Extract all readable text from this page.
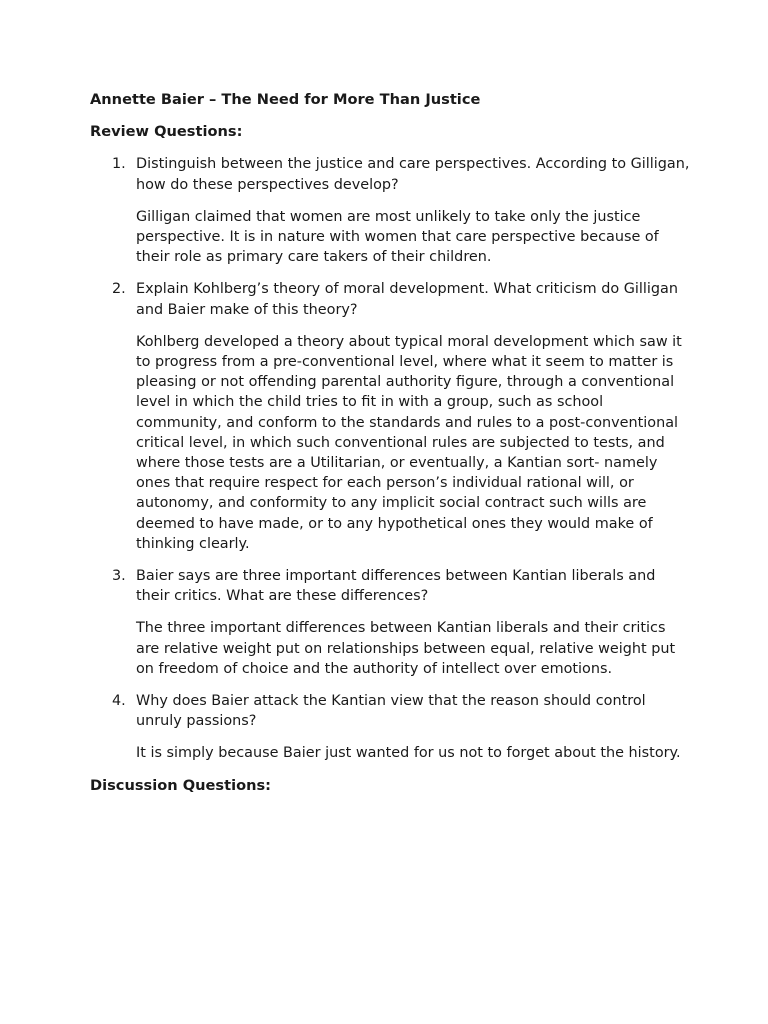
Annette Baier – The Need for More Than Justice
Review Questions:
1. Distinguish between the justice and care perspectives. According to Gilligan, how do these perspectives develop?

Gilligan claimed that women are most unlikely to take only the justice perspective. It is in nature with women that care perspective because of their role as primary care takers of their children.

2. Explain Kohlberg’s theory of moral development. What criticism do Gilligan and Baier make of this theory?

Kohlberg developed a theory about typical moral development which saw it to progress from a pre-conventional level, where what it seem to matter is pleasing or not offending parental authority figure, through a conventional level in which the child tries to fit in with a group, such as school community, and conform to the standards and rules to a post-conventional critical level, in which such conventional rules are subjected to tests, and where those tests are a Utilitarian, or eventually, a Kantian sort- namely ones that require respect for each person’s individual rational will, or autonomy, and conformity to any implicit social contract such wills are deemed to have made, or to any hypothetical ones they would make of thinking clearly.

3. Baier says are three important differences between Kantian liberals and their critics. What are these differences?

The three important differences between Kantian liberals and their critics are relative weight put on relationships between equal, relative weight put on freedom of choice and the authority of intellect over emotions.

4. Why does Baier attack the Kantian view that the reason should control unruly passions?

It is simply because Baier just wanted for us not to forget about the history.

Discussion Questions:
